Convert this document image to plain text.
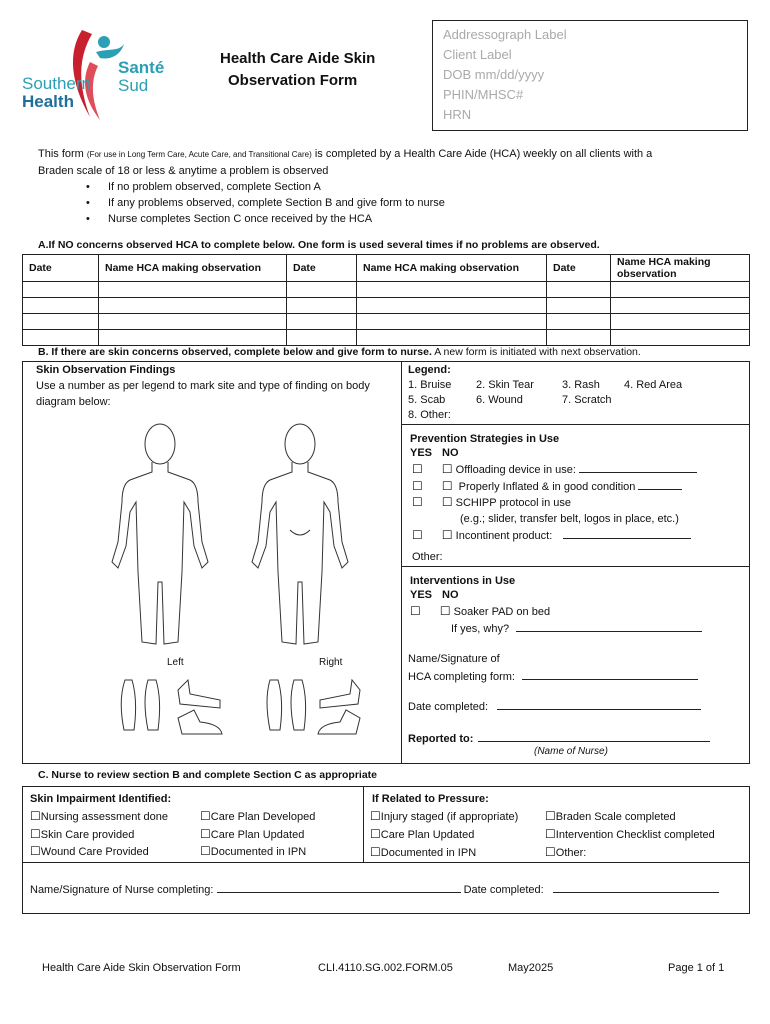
Santé
Sud
Southern
Health
Health Care Aide Skin
Observation Form
Addressograph Label
Client Label
DOB mm/dd/yyyy
PHIN/MHSC#
HRN
This form (For use in Long Term Care, Acute Care, and Transitional Care) is completed by a Health Care Aide (HCA) weekly on all clients with a
Braden scale of 18 or less & anytime a problem is observed
• If no problem observed, complete Section A
• If any problems observed, complete Section B and give form to nurse
• Nurse completes Section C once received by the HCA
A.If NO concerns observed HCA to complete below. One form is used several times if no problems are observed.
Date	Name HCA making observation	Date	Name HCA making observation	Date	Name HCA making observation

B. If there are skin concerns observed, complete below and give form to nurse. A new form is initiated with next observation.
Skin Observation Findings
Use a number as per legend to mark site and type of finding on body
diagram below:
Left	Right
Legend:
1. Bruise 2. Skin Tear	3. Rash 4. Red Area
5. Scab	6. Wound	7. Scratch
8. Other:
Prevention Strategies in Use
YES NO
☐ ☐ Offloading device in use:
☐ ☐ Properly Inflated & in good condition
☐ ☐ SCHIPP protocol in use
(e.g.; slider, transfer belt, logos in place, etc.)
☐ ☐ Incontinent product:
Other:
Interventions in Use
YES NO
☐ ☐ Soaker PAD on bed
If yes, why?
Name/Signature of
HCA completing form:
Date completed:
Reported to:
(Name of Nurse)
C. Nurse to review section B and complete Section C as appropriate
Skin Impairment Identified:
☐ Nursing assessment done
☐ Skin Care provided
☐ Wound Care Provided
☐ Care Plan Developed
☐ Care Plan Updated
☐ Documented in IPN
If Related to Pressure:
☐ Injury staged (if appropriate)
☐ Care Plan Updated
☐ Documented in IPN
☐ Braden Scale completed
☐ Intervention Checklist completed
☐ Other:
Name/Signature of Nurse completing:	Date completed:
Health Care Aide Skin Observation Form	CLI.4110.SG.002.FORM.05	May2025	Page 1 of 1
